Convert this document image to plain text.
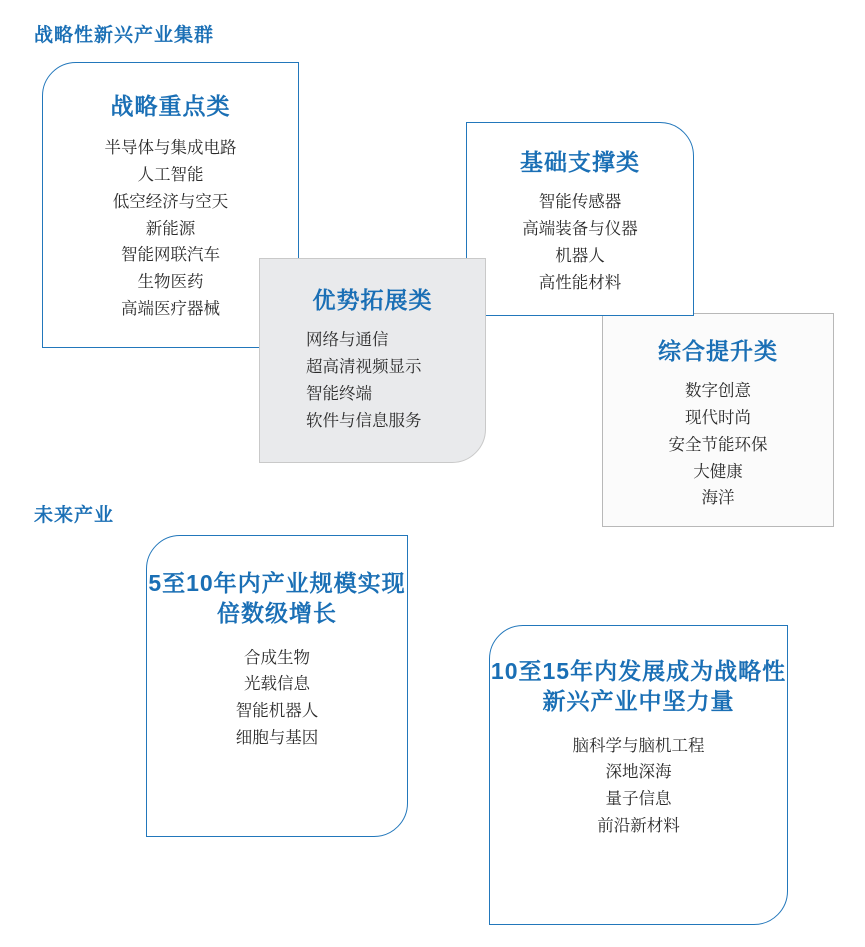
战略性新兴产业集群
未来产业
综合提升类
数字创意
现代时尚
安全节能环保
大健康
海洋
基础支撑类
智能传感器
高端装备与仪器
机器人
高性能材料
战略重点类
半导体与集成电路
人工智能
低空经济与空天
新能源
智能网联汽车
生物医药
高端医疗器械	优势拓展类
网络与通信
超高清视频显示
智能终端
软件与信息服务
5至10年内产业规模实现倍数级增长
合成生物
光载信息
智能机器人
细胞与基因
10至15年内发展成为战略性新兴产业中坚力量
脑科学与脑机工程
深地深海
量子信息
前沿新材料
